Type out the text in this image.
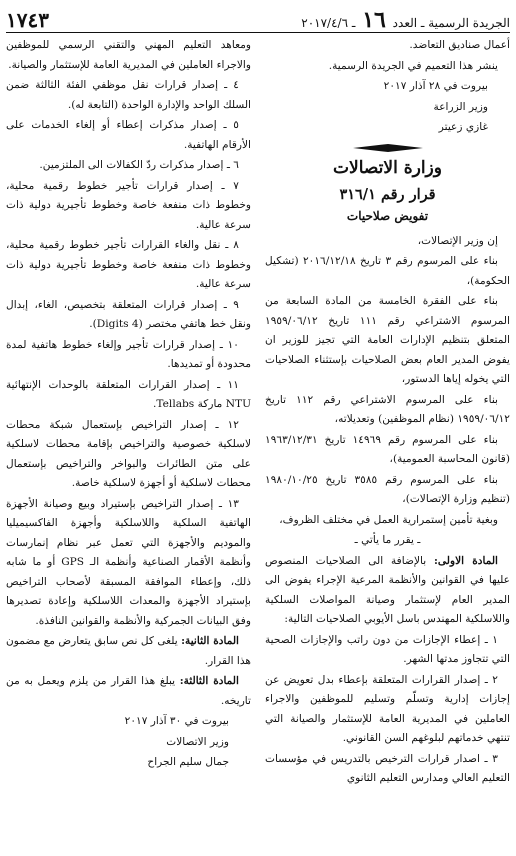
الجريدة الرسمية ـ العدد ١٦ ـ ٢٠١٧/٤/٦
١٧٤٣

أعمال صناديق التعاضد.

ينشر هذا التعميم في الجريدة الرسمية.

بيروت في ٢٨ آذار ٢٠١٧

وزير الزراعة

غازي زعيتر

وزارة الاتصالات
قرار رقم ٣١٦/١
تفويض صلاحيات

إن وزير الإتصالات،

بناء على المرسوم رقم ٣ تاريخ ٢٠١٦/١٢/١٨ (تشكيل الحكومة)،

بناء على الفقرة الخامسة من المادة السابعة من المرسوم الاشتراعي رقم ١١١ تاريخ ١٩٥٩/٠٦/١٢ المتعلق بتنظيم الإدارات العامة التي تجيز للوزير ان يفوض المدير العام بعض الصلاحيات بإستثناء الصلاحيات التي يخوله إياها الدستور،

بناء على المرسوم الاشتراعي رقم ١١٢ تاريخ ١٩٥٩/٠٦/١٢ (نظام الموظفين) وتعديلاته،

بناء على المرسوم رقم ١٤٩٦٩ تاريخ ١٩٦٣/١٢/٣١ (قانون المحاسبة العمومية)،

بناء على المرسوم رقم ٣٥٨٥ تاريخ ١٩٨٠/١٠/٢٥ (تنظيم وزارة الإتصالات)،

وبغية تأمين إستمرارية العمل في مختلف الظروف،

ـ يقرر ما يأتي ـ

المادة الاولى: بالإضافة الى الصلاحيات المنصوص عليها في القوانين والأنظمة المرعية الإجراء يفوض الى المدير العام لإستثمار وصيانة المواصلات السلكية واللاسلكية المهندس باسل الأيوبي الصلاحيات التالية:

١ ـ إعطاء الإجازات من دون راتب والإجازات الصحية التي تتجاوز مدتها الشهر.

٢ ـ إصدار القرارات المتعلقة بإعطاء بدل تعويض عن إجازات إدارية وتسلّم وتسليم للموظفين والاجراء العاملين في المديرية العامة للإستثمار والصيانة التي تنتهي خدماتهم لبلوغهم السن القانوني.

٣ ـ اصدار قرارات الترخيص بالتدريس في مؤسسات التعليم العالي ومدارس التعليم الثانوي

ومعاهد التعليم المهني والتقني الرسمي للموظفين والاجراء العاملين في المديرية العامة للإستثمار والصيانة.

٤ ـ إصدار قرارات نقل موظفي الفئة الثالثة ضمن السلك الواحد والإدارة الواحدة (التابعة له).

٥ ـ إصدار مذكرات إعطاء أو إلغاء الخدمات على الأرقام الهاتفية.

٦ ـ إصدار مذكرات ردّ الكفالات الى الملتزمين.

٧ ـ إصدار قرارات تأجير خطوط رقمية محلية، وخطوط ذات منفعة خاصة وخطوط تأجيرية دولية ذات سرعة عالية.

٨ ـ نقل والغاء القرارات تأجير خطوط رقمية محلية، وخطوط ذات منفعة خاصة وخطوط تأجيرية دولية ذات سرعة عالية.

٩ ـ إصدار قرارات المتعلقة بتخصيص، الغاء، إبدال ونقل خط هاتفي مختصر (Digits 4).

١٠ ـ إصدار قرارات تأجير وإلغاء خطوط هاتفية لمدة محدودة أو تمديدها.

١١ ـ إصدار القرارات المتعلقة بالوحدات الإنتهائية NTU ماركة Tellabs.

١٢ ـ إصدار التراخيص بإستعمال شبكة محطات لاسلكية خصوصية والتراخيص بإقامة محطات لاسلكية على متن الطائرات والبواخر والتراخيص بإستعمال محطات لاسلكية أو أجهزة لاسلكية خاصة.

١٣ ـ إصدار التراخيص بإستيراد وبيع وصيانة الأجهزة الهاتفية السلكية واللاسلكية وأجهزة الفاكسيميليا والموديم والأجهزة التي تعمل عبر نظام إنمارسات وأنظمة الأقمار الصناعية وأنظمة الـ GPS أو ما شابه ذلك، وإعطاء الموافقة المسبقة لأصحاب التراخيص بإستيراد الأجهزة والمعدات اللاسلكية وإعادة تصديرها وفق البيانات الجمركية والأنظمة والقوانين النافذة.

المادة الثانية: يلغى كل نص سابق يتعارض مع مضمون هذا القرار.

المادة الثالثة: يبلغ هذا القرار من يلزم ويعمل به من تاريخه.

بيروت في ٣٠ آذار ٢٠١٧

وزير الاتصالات

جمال سليم الجراح
